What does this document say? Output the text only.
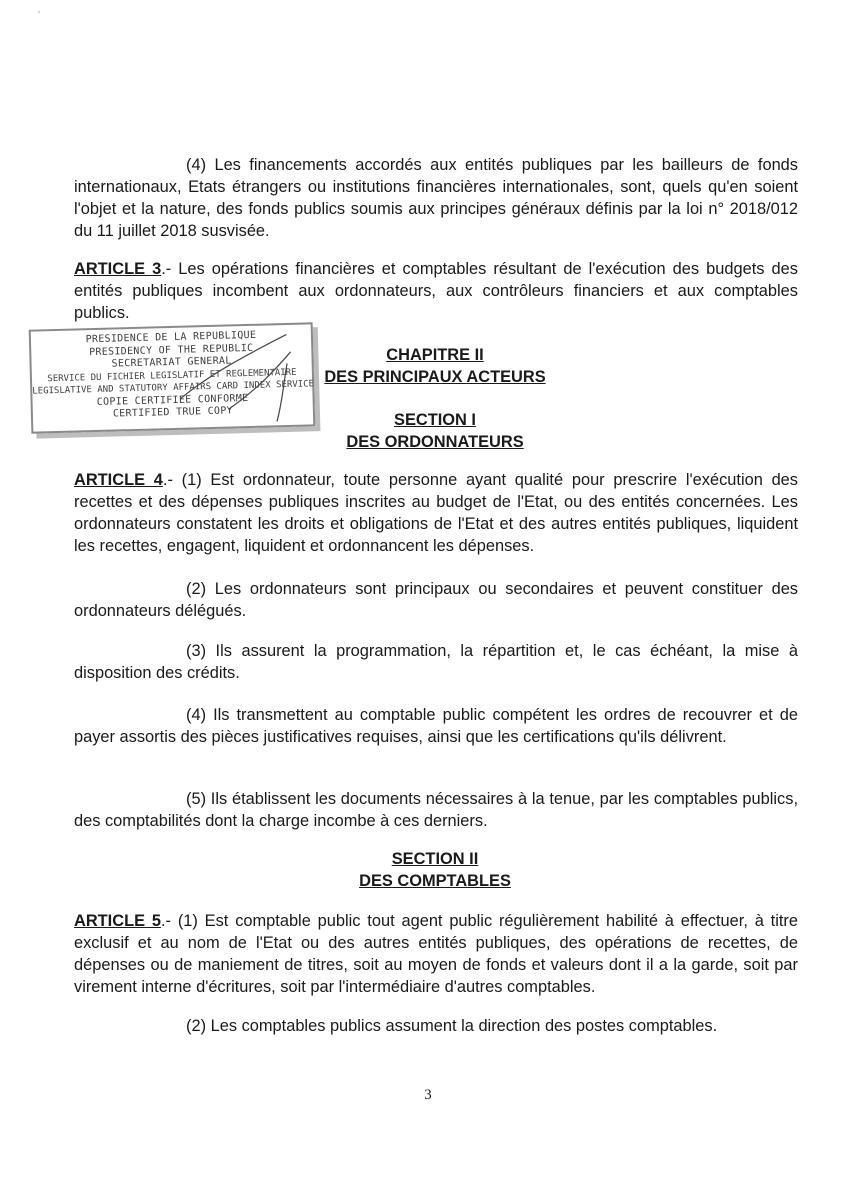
'

(4) Les financements accordés aux entités publiques par les bailleurs de fonds internationaux, Etats étrangers ou institutions financières internationales, sont, quels qu'en soient l'objet et la nature, des fonds publics soumis aux principes généraux définis par la loi n° 2018/012 du 11 juillet 2018 susvisée.

ARTICLE 3.- Les opérations financières et comptables résultant de l'exécution des budgets des entités publiques incombent aux ordonnateurs, aux contrôleurs financiers et aux comptables publics.

PRESIDENCE DE LA REPUBLIQUE
PRESIDENCY OF THE REPUBLIC
SECRETARIAT GENERAL
SERVICE DU FICHIER LEGISLATIF ET REGLEMENTAIRE
LEGISLATIVE AND STATUTORY AFFAIRS CARD INDEX SERVICE
COPIE CERTIFIEE CONFORME
CERTIFIED TRUE COPY
CHAPITRE II
DES PRINCIPAUX ACTEURS
SECTION I
DES ORDONNATEURS

ARTICLE 4.- (1) Est ordonnateur, toute personne ayant qualité pour prescrire l'exécution des recettes et des dépenses publiques inscrites au budget de l'Etat, ou des entités concernées. Les ordonnateurs constatent les droits et obligations de l'Etat et des autres entités publiques, liquident les recettes, engagent, liquident et ordonnancent les dépenses.

(2) Les ordonnateurs sont principaux ou secondaires et peuvent constituer des ordonnateurs délégués.

(3) Ils assurent la programmation, la répartition et, le cas échéant, la mise à disposition des crédits.

(4) Ils transmettent au comptable public compétent les ordres de recouvrer et de payer assortis des pièces justificatives requises, ainsi que les certifications qu'ils délivrent.

(5) Ils établissent les documents nécessaires à la tenue, par les comptables publics, des comptabilités dont la charge incombe à ces derniers.

SECTION II
DES COMPTABLES

ARTICLE 5.- (1) Est comptable public tout agent public régulièrement habilité à effectuer, à titre exclusif et au nom de l'Etat ou des autres entités publiques, des opérations de recettes, de dépenses ou de maniement de titres, soit au moyen de fonds et valeurs dont il a la garde, soit par virement interne d'écritures, soit par l'intermédiaire d'autres comptables.

(2) Les comptables publics assument la direction des postes comptables.

3
